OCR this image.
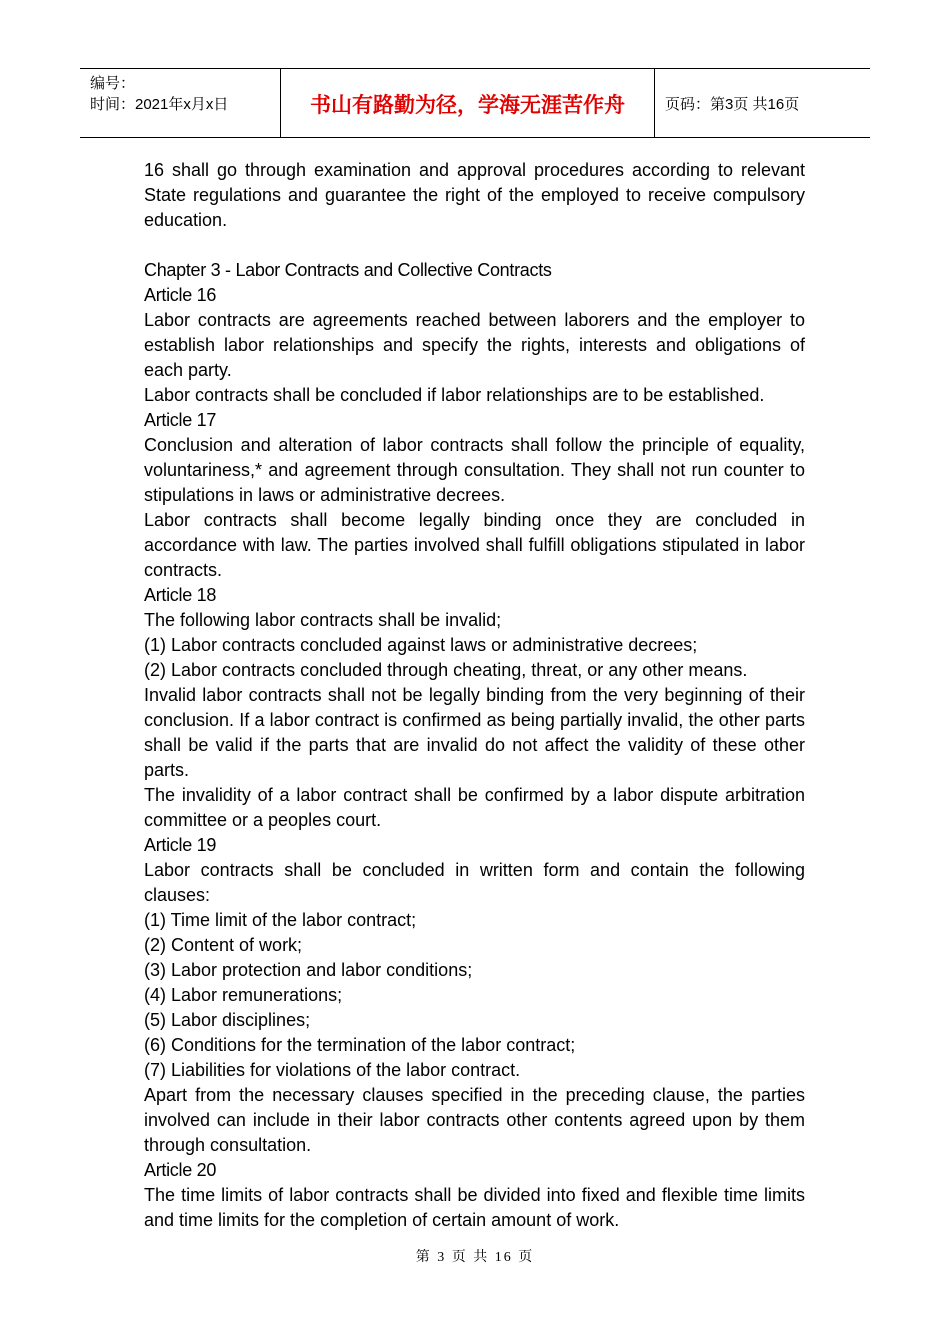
编号：
时间：2021年x月x日	书山有路勤为径，学海无涯苦作舟	页码：第3页 共16页

16 shall go through examination and approval procedures according to relevant State regulations and guarantee the right of the employed to receive compulsory education.

Chapter 3 - Labor Contracts and Collective Contracts

Article 16

Labor contracts are agreements reached between laborers and the employer to establish labor relationships and specify the rights, interests and obligations of each party.

Labor contracts shall be concluded if labor relationships are to be established.

Article 17

Conclusion and alteration of labor contracts shall follow the principle of equality, voluntariness,* and agreement through consultation. They shall not run counter to stipulations in laws or administrative decrees.

Labor contracts shall become legally binding once they are concluded in accordance with law. The parties involved shall fulfill obligations stipulated in labor contracts.

Article 18

The following labor contracts shall be invalid;

(1) Labor contracts concluded against laws or administrative decrees;

(2) Labor contracts concluded through cheating, threat, or any other means.

Invalid labor contracts shall not be legally binding from the very beginning of their conclusion. If a labor contract is confirmed as being partially invalid, the other parts shall be valid if the parts that are invalid do not affect the validity of these other parts.

The invalidity of a labor contract shall be confirmed by a labor dispute arbitration committee or a peoples court.

Article 19

Labor contracts shall be concluded in written form and contain the following clauses:

(1) Time limit of the labor contract;

(2) Content of work;

(3) Labor protection and labor conditions;

(4) Labor remunerations;

(5) Labor disciplines;

(6) Conditions for the termination of the labor contract;

(7) Liabilities for violations of the labor contract.

Apart from the necessary clauses specified in the preceding clause, the parties involved can include in their labor contracts other contents agreed upon by them through consultation.

Article 20

The time limits of labor contracts shall be divided into fixed and flexible time limits and time limits for the completion of certain amount of work.

第 3 页 共 16 页
